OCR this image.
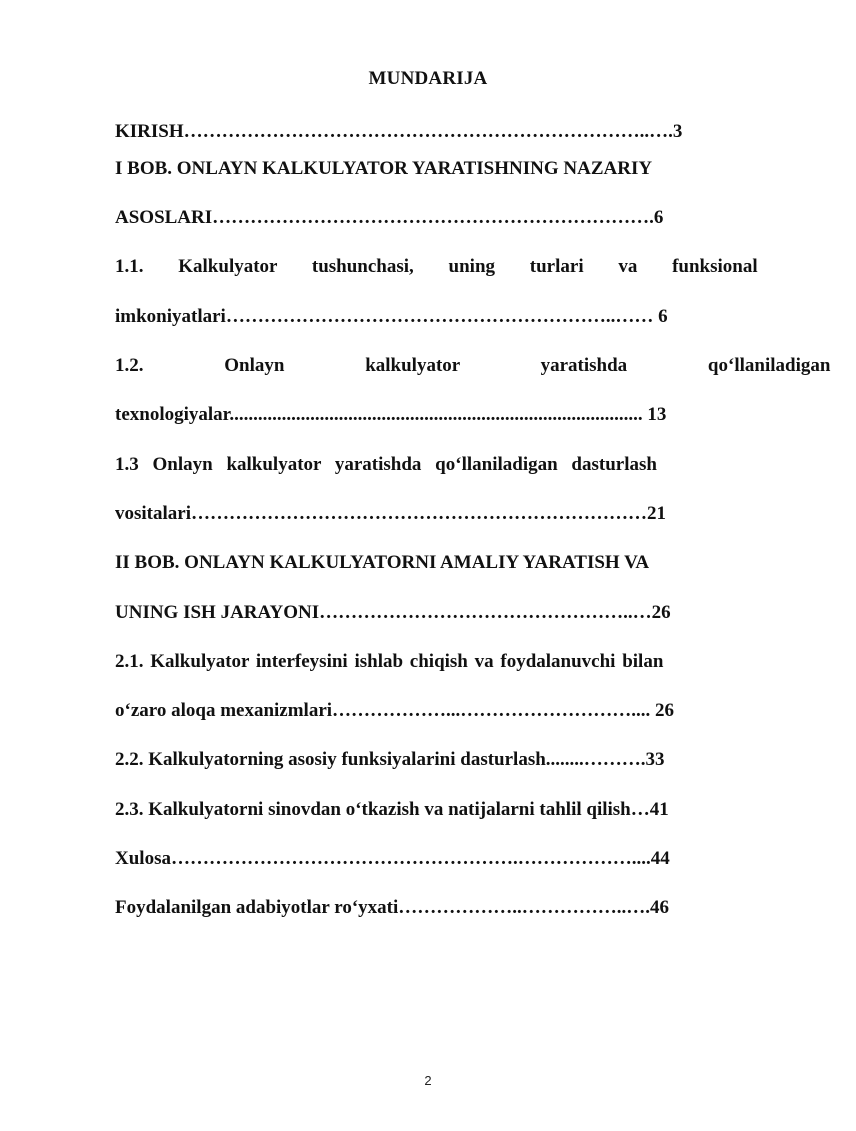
MUNDARIJA
KIRISH………………………………………………………………..….3
I BOB. ONLAYN KALKULYATOR YARATISHNING NAZARIY
ASOSLARI…………………………………………………………….6
1.1. Kalkulyator tushunchasi, uning turlari va funksional
imkoniyatlari……………………………………………………..…… 6
1.2. Onlayn kalkulyator yaratishda qo‘llaniladigan
texnologiyalar....................................................................................... 13
1.3 Onlayn kalkulyator yaratishda qo‘llaniladigan dasturlash
vositalari………………………………………………………………21
II BOB. ONLAYN KALKULYATORNI AMALIY YARATISH VA
UNING ISH JARAYONI…………………………………………..…26
2.1. Kalkulyator interfeysini ishlab chiqish va foydalanuvchi bilan
o‘zaro aloqa mexanizmlari………………...……………………….... 26
2.2. Kalkulyatorning asosiy funksiyalarini dasturlash........……….33
2.3. Kalkulyatorni sinovdan o‘tkazish va natijalarni tahlil qilish…41
Xulosa……………………………………………….………………....44
Foydalanilgan adabiyotlar ro‘yxati………………..……………..….46
2
